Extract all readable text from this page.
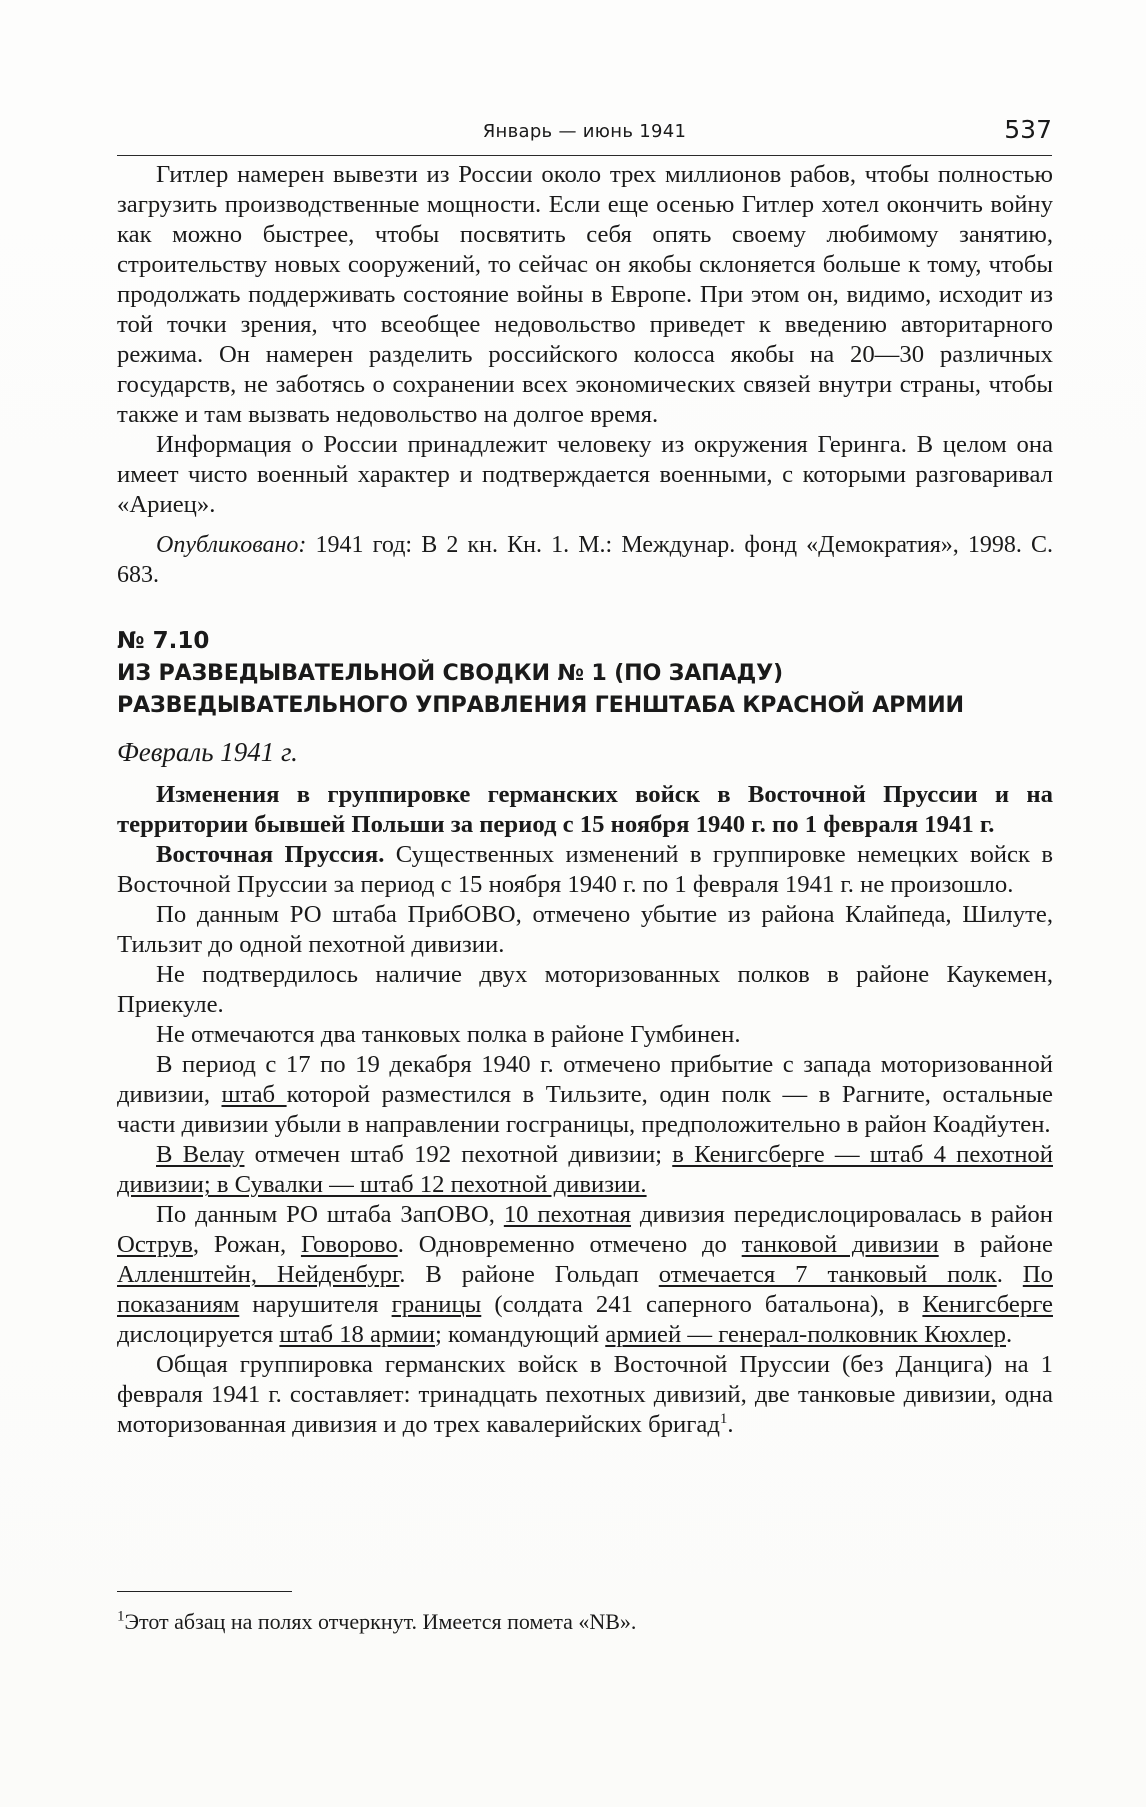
Январь — июнь 1941	537

Гитлер намерен вывезти из России около трех миллионов рабов, чтобы полностью загрузить производственные мощности. Если еще осенью Гитлер хотел окончить войну как можно быстрее, чтобы посвятить себя опять своему любимому занятию, строительству новых сооружений, то сейчас он якобы склоняется больше к тому, чтобы продолжать поддерживать состояние войны в Европе. При этом он, видимо, исходит из той точки зрения, что всеобщее недовольство приведет к введению авторитарного режима. Он намерен разделить российского колосса якобы на 20—30 различных государств, не заботясь о сохранении всех экономических связей внутри страны, чтобы также и там вызвать недовольство на долгое время.

Информация о России принадлежит человеку из окружения Геринга. В целом она имеет чисто военный характер и подтверждается военными, с которыми разговаривал «Ариец».

Опубликовано: 1941 год: В 2 кн. Кн. 1. М.: Междунар. фонд «Демократия», 1998. С. 683.

№ 7.10
ИЗ РАЗВЕДЫВАТЕЛЬНОЙ СВОДКИ № 1 (ПО ЗАПАДУ) РАЗВЕДЫВАТЕЛЬНОГО УПРАВЛЕНИЯ ГЕНШТАБА КРАСНОЙ АРМИИ
Февраль 1941 г.

Изменения в группировке германских войск в Восточной Пруссии и на территории бывшей Польши за период с 15 ноября 1940 г. по 1 февраля 1941 г.

Восточная Пруссия. Существенных изменений в группировке немецких войск в Восточной Пруссии за период с 15 ноября 1940 г. по 1 февраля 1941 г. не произошло.

По данным РО штаба ПрибОВО, отмечено убытие из района Клайпеда, Шилуте, Тильзит до одной пехотной дивизии.

Не подтвердилось наличие двух моторизованных полков в районе Каукемен, Приекуле.

Не отмечаются два танковых полка в районе Гумбинен.

В период с 17 по 19 декабря 1940 г. отмечено прибытие с запада моторизованной дивизии, штаб которой разместился в Тильзите, один полк — в Рагните, остальные части дивизии убыли в направлении госграницы, предположительно в район Коадйутен.

В Велау отмечен штаб 192 пехотной дивизии; в Кенигсберге — штаб 4 пехотной дивизии; в Сувалки — штаб 12 пехотной дивизии.

По данным РО штаба ЗапОВО, 10 пехотная дивизия передислоцировалась в район Острув, Рожан, Говорово. Одновременно отмечено до танковой дивизии в районе Алленштейн, Нейденбург. В районе Гольдап отмечается 7 танковый полк. По показаниям нарушителя границы (солдата 241 саперного батальона), в Кенигсберге дислоцируется штаб 18 армии; командующий армией — генерал-полковник Кюхлер.

Общая группировка германских войск в Восточной Пруссии (без Данцига) на 1 февраля 1941 г. составляет: тринадцать пехотных дивизий, две танковые дивизии, одна моторизованная дивизия и до трех кавалерийских бригад$^1$.

$^1$Этот абзац на полях отчеркнут. Имеется помета «NB».
